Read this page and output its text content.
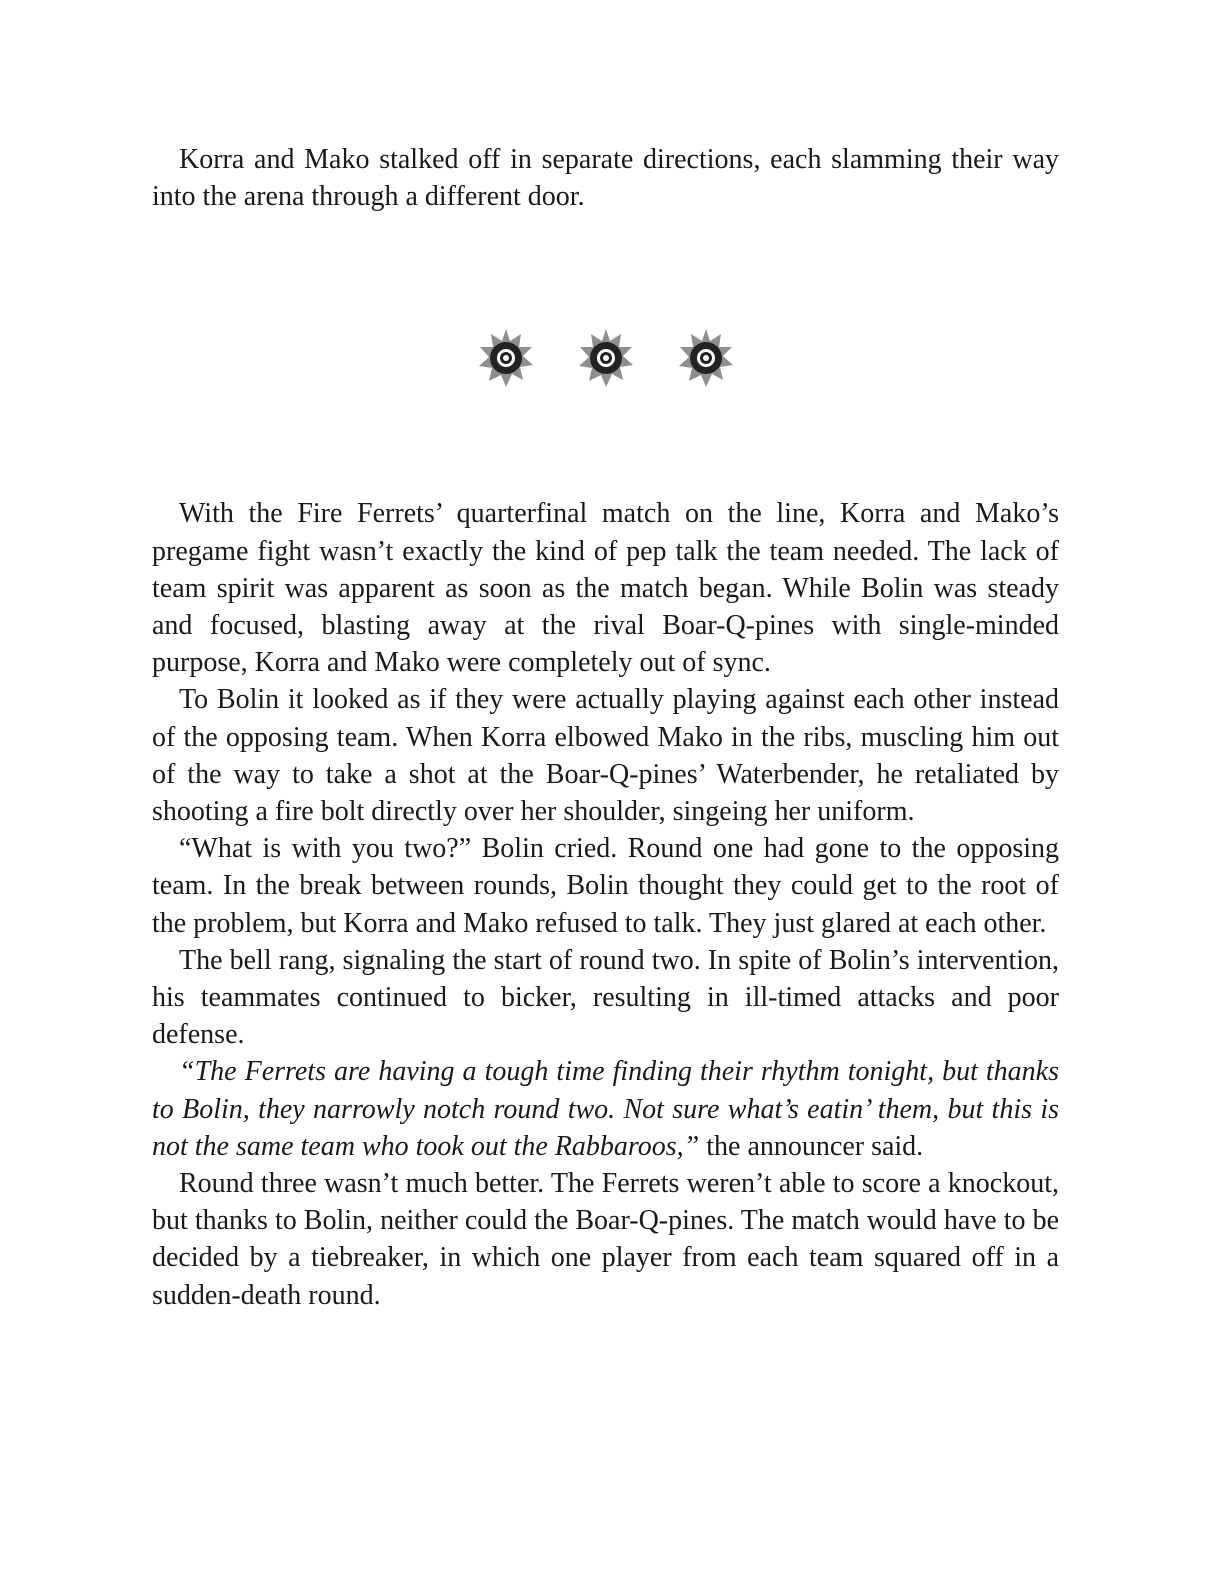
Korra and Mako stalked off in separate directions, each slamming their way into the arena through a different door.

With the Fire Ferrets’ quarterfinal match on the line, Korra and Mako’s pregame fight wasn’t exactly the kind of pep talk the team needed. The lack of team spirit was apparent as soon as the match began. While Bolin was steady and focused, blasting away at the rival Boar-Q-pines with single-minded purpose, Korra and Mako were completely out of sync.

To Bolin it looked as if they were actually playing against each other instead of the opposing team. When Korra elbowed Mako in the ribs, muscling him out of the way to take a shot at the Boar-Q-pines’ Waterbender, he retaliated by shooting a fire bolt directly over her shoulder, singeing her uniform.

“What is with you two?” Bolin cried. Round one had gone to the opposing team. In the break between rounds, Bolin thought they could get to the root of the problem, but Korra and Mako refused to talk. They just glared at each other.

The bell rang, signaling the start of round two. In spite of Bolin’s intervention, his teammates continued to bicker, resulting in ill-timed attacks and poor defense.

“The Ferrets are having a tough time finding their rhythm tonight, but thanks to Bolin, they narrowly notch round two. Not sure what’s eatin’ them, but this is not the same team who took out the Rabbaroos,” the announcer said.

Round three wasn’t much better. The Ferrets weren’t able to score a knockout, but thanks to Bolin, neither could the Boar-Q-pines. The match would have to be decided by a tiebreaker, in which one player from each team squared off in a sudden-death round.
